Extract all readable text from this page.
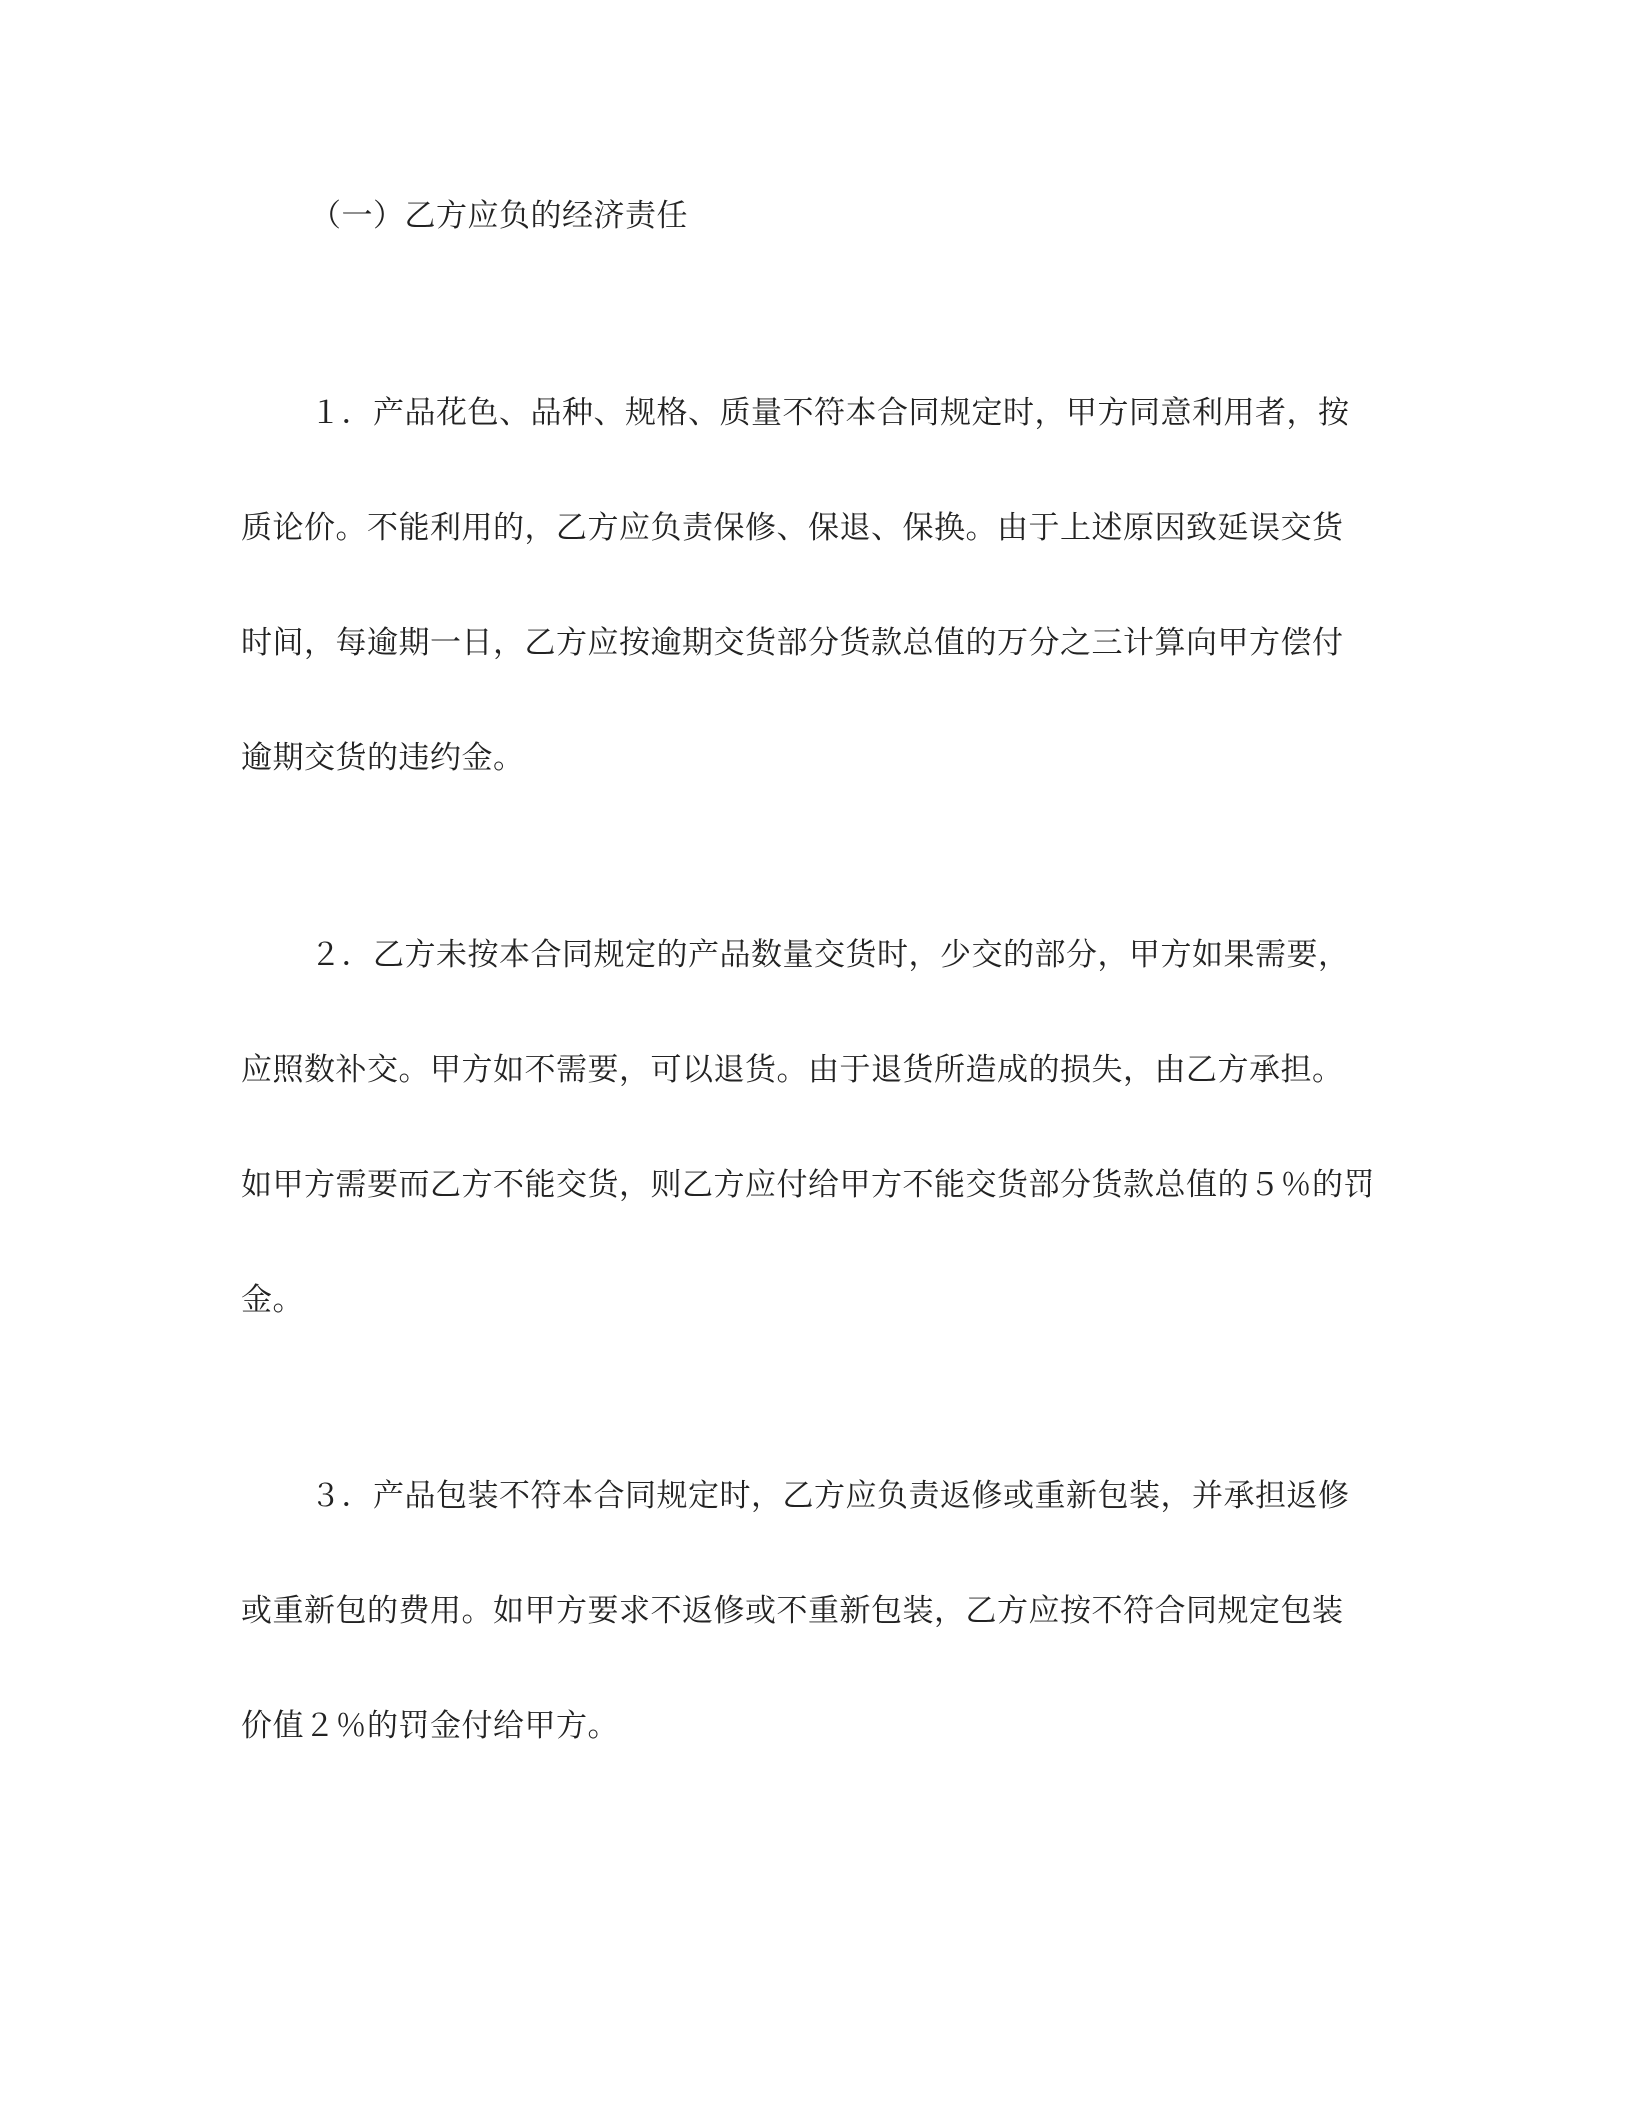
（一）乙方应负的经济责任
１．产品花色、品种、规格、质量不符本合同规定时，甲方同意利用者，按
质论价。不能利用的，乙方应负责保修、保退、保换。由于上述原因致延误交货
时间，每逾期一日，乙方应按逾期交货部分货款总值的万分之三计算向甲方偿付
逾期交货的违约金。
２．乙方未按本合同规定的产品数量交货时，少交的部分，甲方如果需要，
应照数补交。甲方如不需要，可以退货。由于退货所造成的损失，由乙方承担。
如甲方需要而乙方不能交货，则乙方应付给甲方不能交货部分货款总值的５％的罚
金。
３．产品包装不符本合同规定时，乙方应负责返修或重新包装，并承担返修
或重新包的费用。如甲方要求不返修或不重新包装，乙方应按不符合同规定包装
价值２％的罚金付给甲方。
